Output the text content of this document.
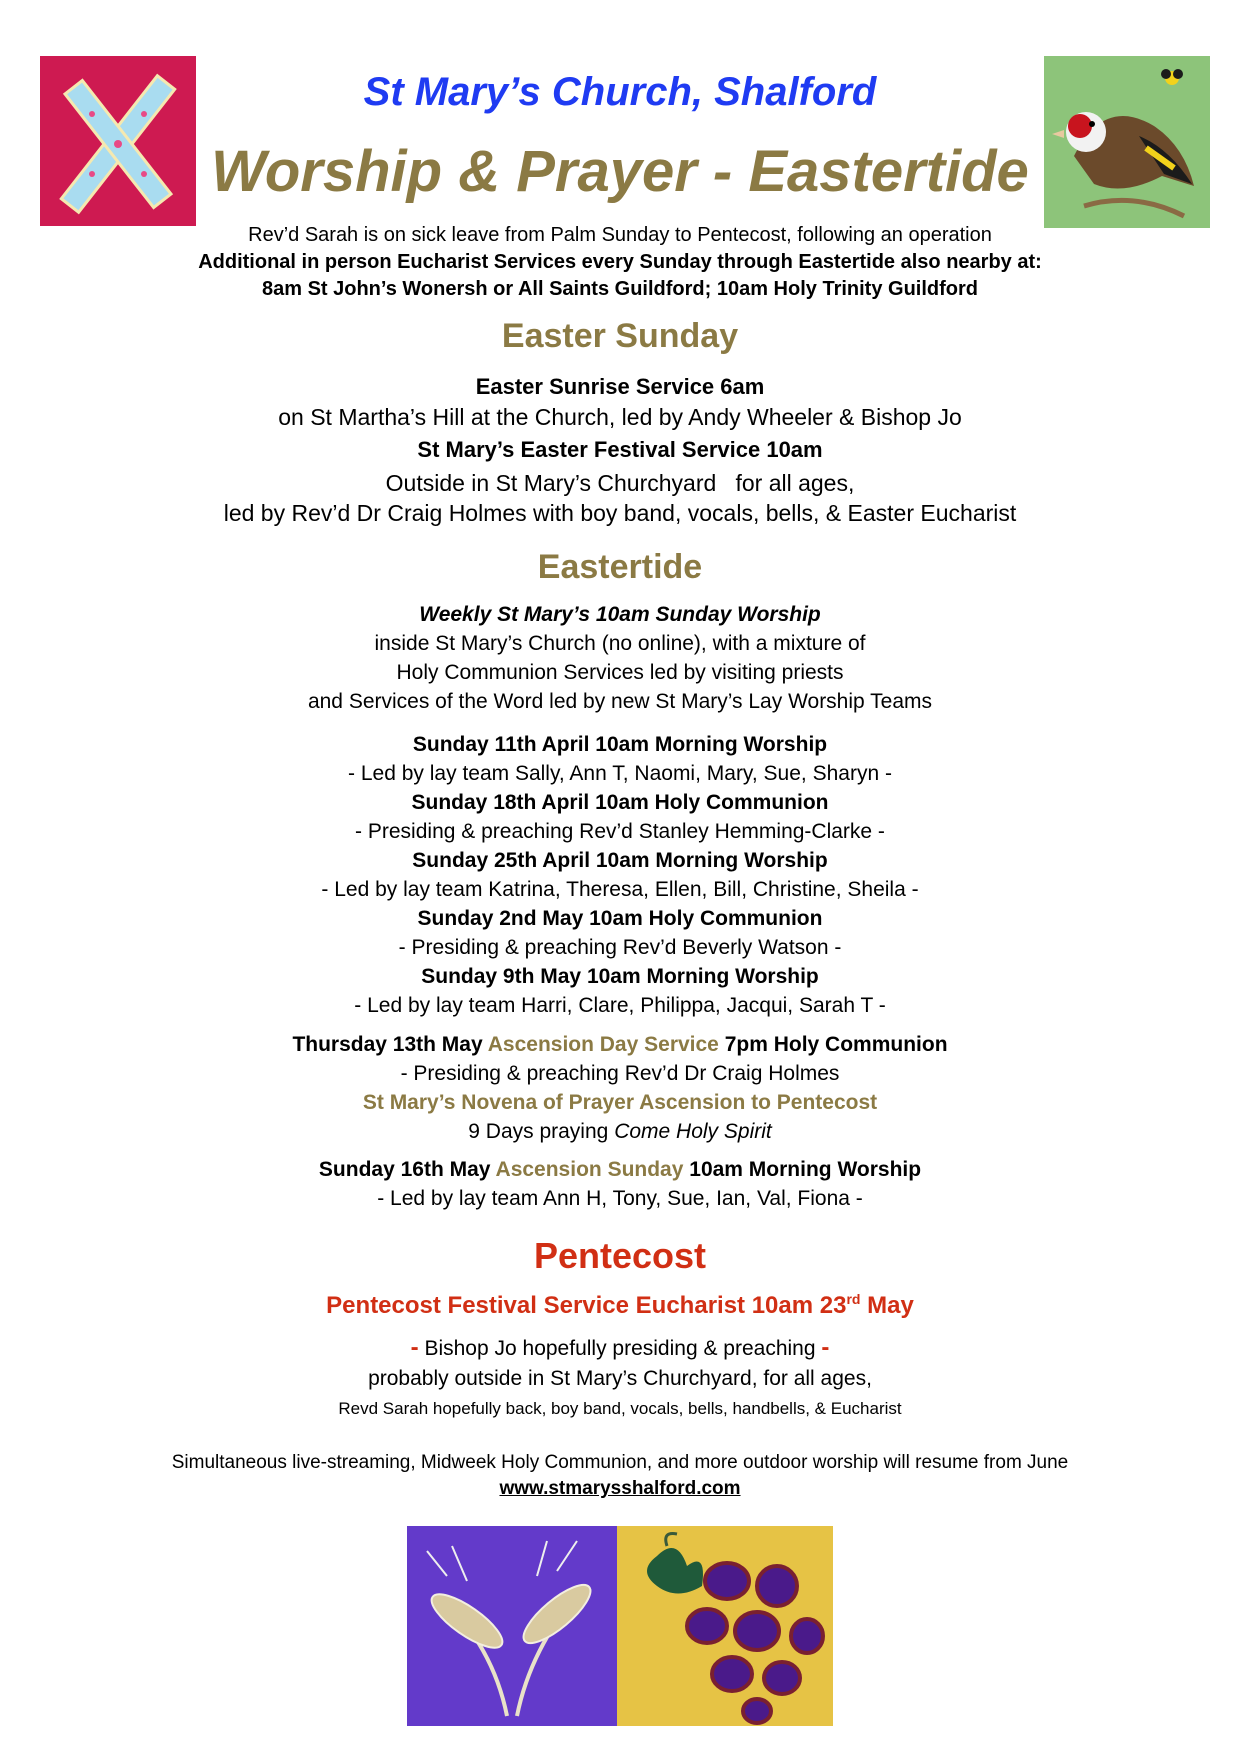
St Mary’s Church, Shalford
Worship & Prayer - Eastertide
Rev’d Sarah is on sick leave from Palm Sunday to Pentecost, following an operation
Additional in person Eucharist Services every Sunday through Eastertide also nearby at:
8am St John’s Wonersh or All Saints Guildford; 10am Holy Trinity Guildford
Easter Sunday
Easter Sunrise Service 6am
on St Martha’s Hill at the Church, led by Andy Wheeler & Bishop Jo
St Mary’s Easter Festival Service 10am
Outside in St Mary’s Churchyard   for all ages,
led by Rev’d Dr Craig Holmes with boy band, vocals, bells, & Easter Eucharist
Eastertide
Weekly St Mary’s 10am Sunday Worship
inside St Mary’s Church (no online), with a mixture of
Holy Communion Services led by visiting priests
and Services of the Word led by new St Mary’s Lay Worship Teams
Sunday 11th April 10am Morning Worship
- Led by lay team Sally, Ann T, Naomi, Mary, Sue, Sharyn -
Sunday 18th April 10am Holy Communion
- Presiding & preaching Rev’d Stanley Hemming-Clarke -
Sunday 25th April 10am Morning Worship
- Led by lay team Katrina, Theresa, Ellen, Bill, Christine, Sheila -
Sunday 2nd May 10am Holy Communion
- Presiding & preaching Rev’d Beverly Watson -
Sunday 9th May 10am Morning Worship
- Led by lay team Harri, Clare, Philippa, Jacqui, Sarah T -
Thursday 13th May Ascension Day Service 7pm Holy Communion
- Presiding & preaching Rev’d Dr Craig Holmes
St Mary’s Novena of Prayer Ascension to Pentecost
9 Days praying Come Holy Spirit
Sunday 16th May Ascension Sunday 10am Morning Worship
- Led by lay team Ann H, Tony, Sue, Ian, Val, Fiona -
Pentecost
Pentecost Festival Service Eucharist 10am 23rd May
- Bishop Jo hopefully presiding & preaching -
probably outside in St Mary’s Churchyard, for all ages,
Revd Sarah hopefully back, boy band, vocals, bells, handbells, & Eucharist
Simultaneous live-streaming, Midweek Holy Communion, and more outdoor worship will resume from June
www.stmarysshalford.com
